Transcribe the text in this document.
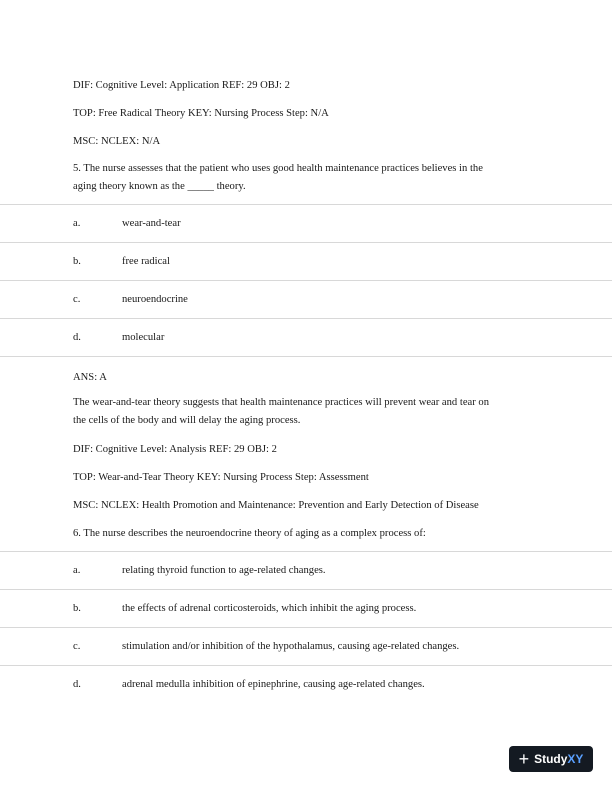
DIF: Cognitive Level: Application REF: 29 OBJ: 2
TOP: Free Radical Theory KEY: Nursing Process Step: N/A
MSC: NCLEX: N/A
5. The nurse assesses that the patient who uses good health maintenance practices believes in the
aging theory known as the _____ theory.
a.	wear-and-tear
b.	free radical
c.	neuroendocrine
d.	molecular
ANS: A
The wear-and-tear theory suggests that health maintenance practices will prevent wear and tear on
the cells of the body and will delay the aging process.
DIF: Cognitive Level: Analysis REF: 29 OBJ: 2
TOP: Wear-and-Tear Theory KEY: Nursing Process Step: Assessment
MSC: NCLEX: Health Promotion and Maintenance: Prevention and Early Detection of Disease
6. The nurse describes the neuroendocrine theory of aging as a complex process of:
a.	relating thyroid function to age-related changes.
b.	the effects of adrenal corticosteroids, which inhibit the aging process.
c.	stimulation and/or inhibition of the hypothalamus, causing age-related changes.
d.	adrenal medulla inhibition of epinephrine, causing age-related changes.
+ Study XY
